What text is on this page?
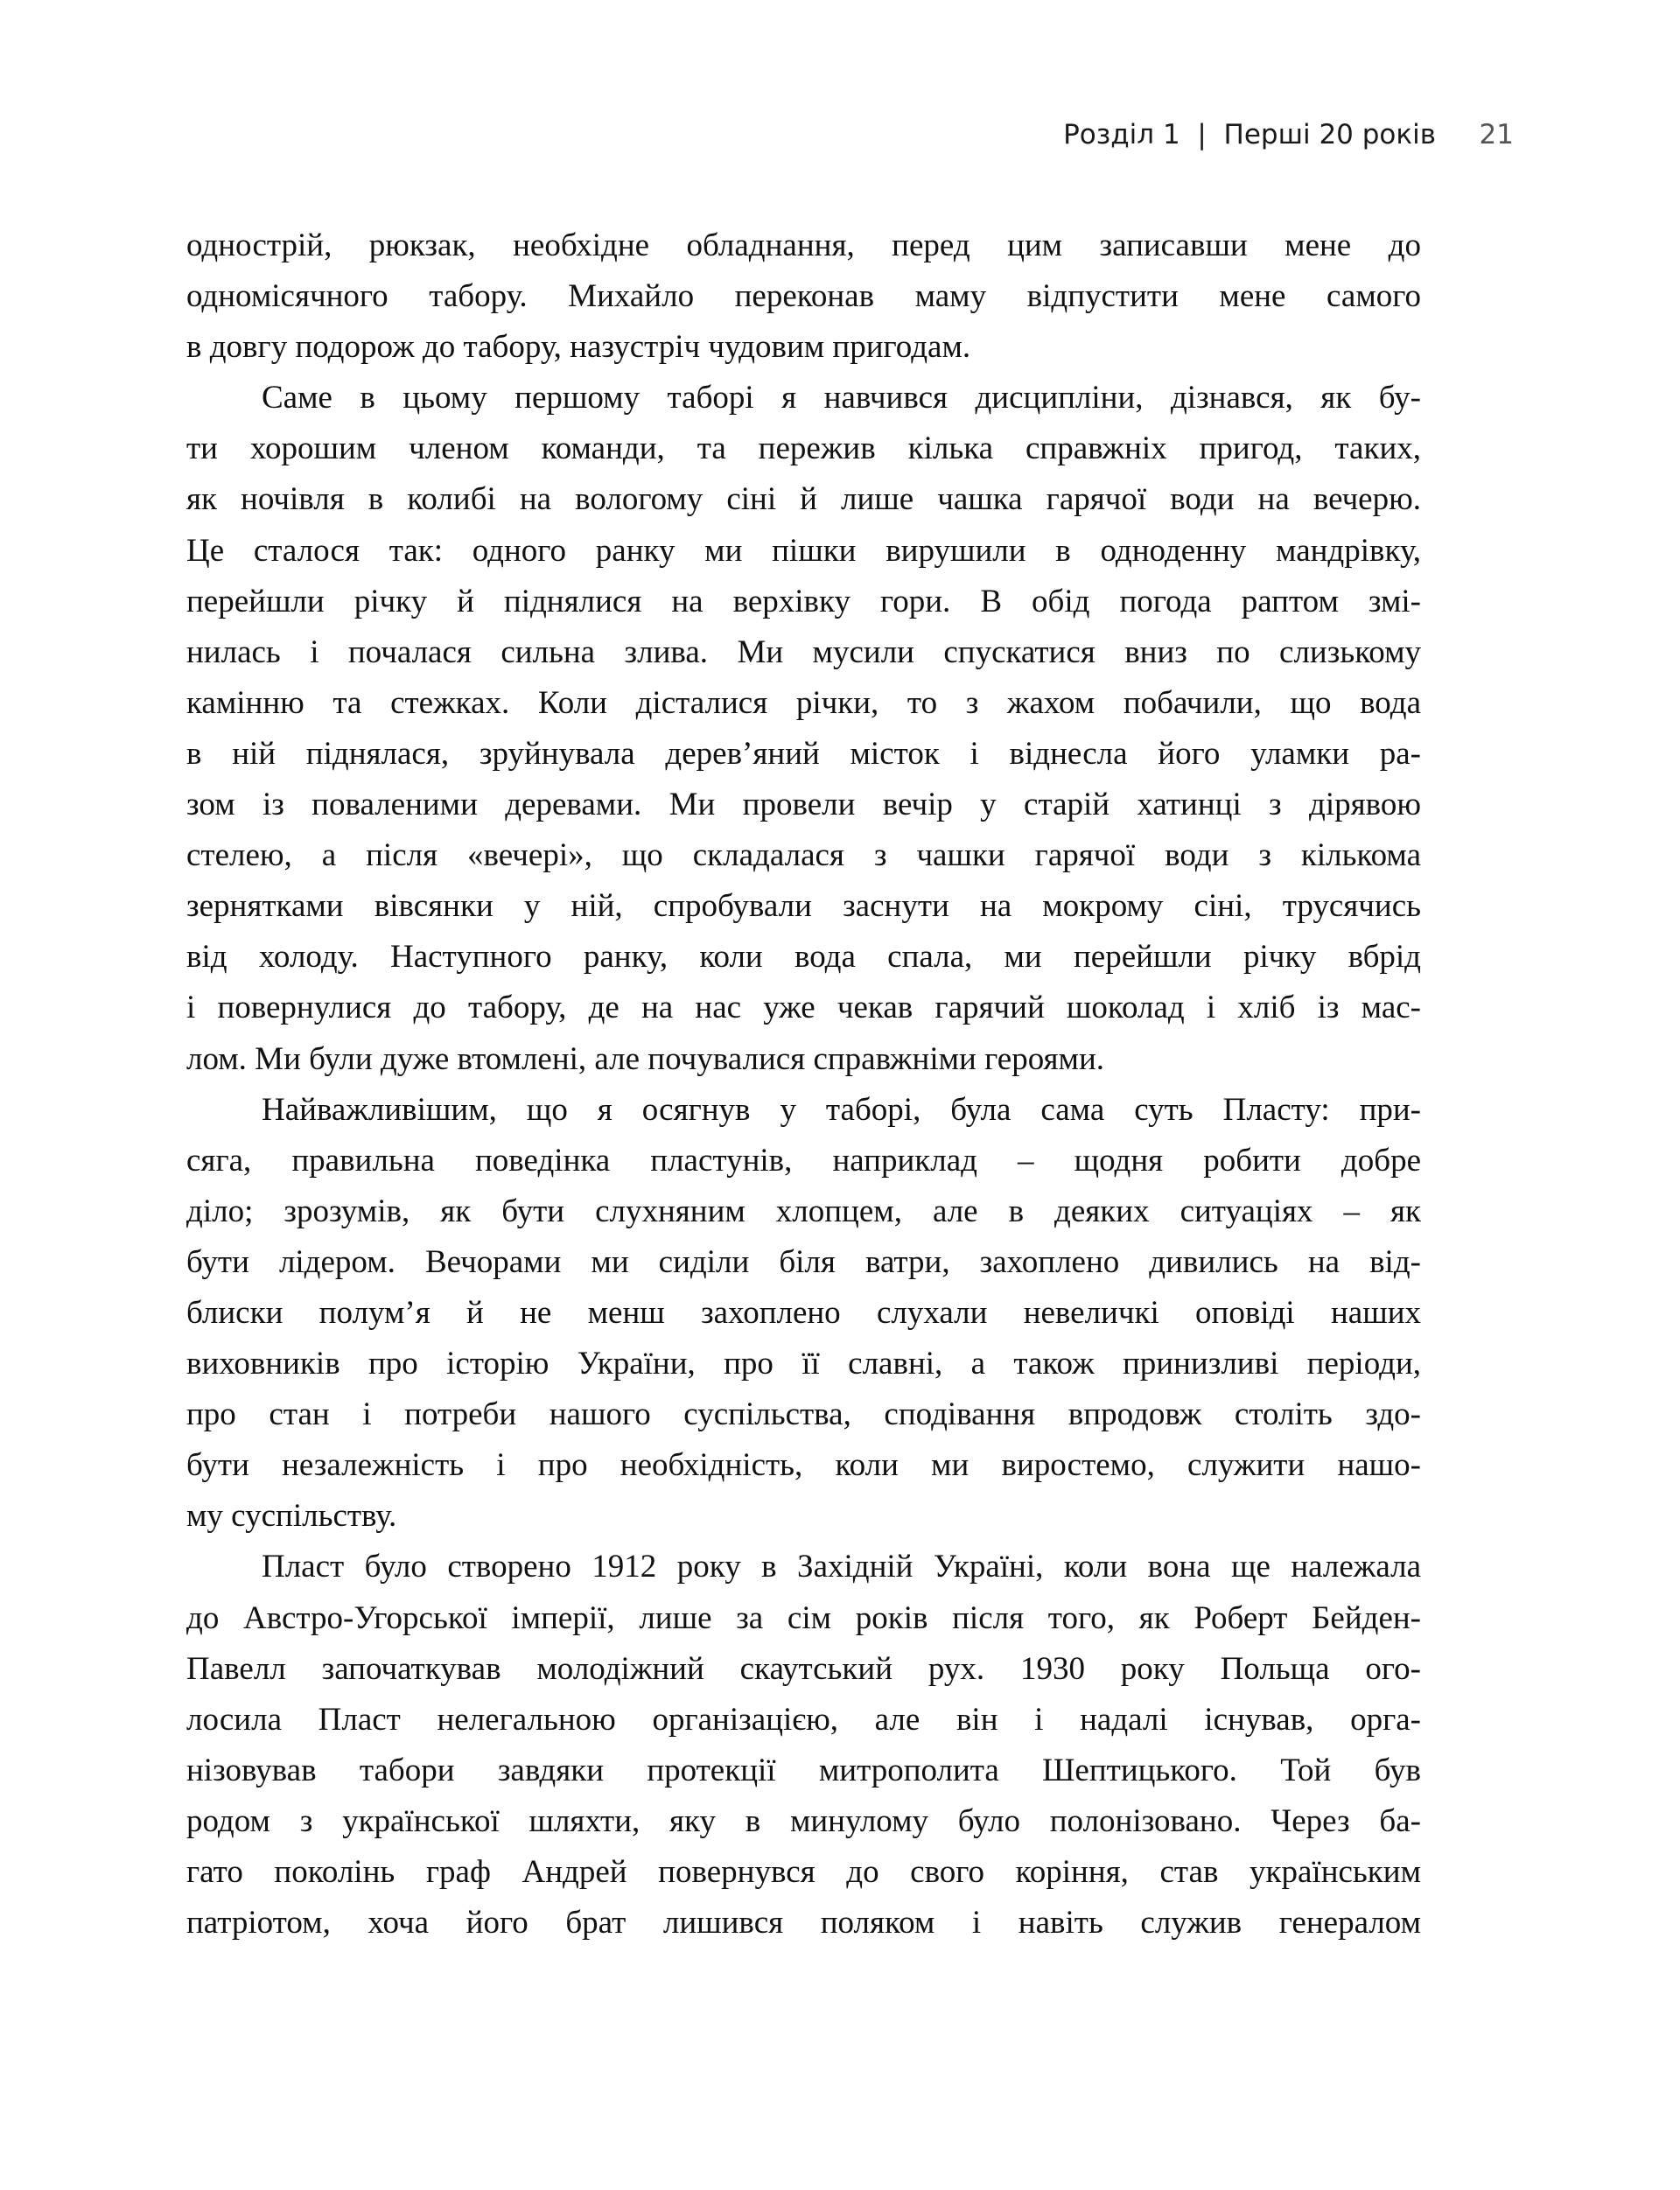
Розділ 1  |  Перші 20 років 21
однострій, рюкзак, необхідне обладнання, перед цим записавши мене до
одномісячного табору. Михайло переконав маму відпустити мене самого
в довгу подорож до табору, назустріч чудовим пригодам.
Саме в цьому першому таборі я навчився дисципліни, дізнався, як бу-
ти хорошим членом команди, та пережив кілька справжніх пригод, таких,
як ночівля в колибі на вологому сіні й лише чашка гарячої води на вечерю.
Це сталося так: одного ранку ми пішки вирушили в одноденну мандрівку,
перейшли річку й піднялися на верхівку гори. В обід погода раптом змі-
нилась і почалася сильна злива. Ми мусили спускатися вниз по слизькому
камінню та стежках. Коли дісталися річки, то з жахом побачили, що вода
в ній піднялася, зруйнувала дерев’яний місток і віднесла його уламки ра-
зом із поваленими деревами. Ми провели вечір у старій хатинці з дірявою
стелею, а після «вечері», що складалася з чашки гарячої води з кількома
зернятками вівсянки у ній, спробували заснути на мокрому сіні, трусячись
від холоду. Наступного ранку, коли вода спала, ми перейшли річку вбрід
і повернулися до табору, де на нас уже чекав гарячий шоколад і хліб із мас-
лом. Ми були дуже втомлені, але почувалися справжніми героями.
Найважливішим, що я осягнув у таборі, була сама суть Пласту: при-
сяга, правильна поведінка пластунів, наприклад – щодня робити добре
діло; зрозумів, як бути слухняним хлопцем, але в деяких ситуаціях – як
бути лідером. Вечорами ми сиділи біля ватри, захоплено дивились на від-
блиски полум’я й не менш захоплено слухали невеличкі оповіді наших
виховників про історію України, про її славні, а також принизливі періоди,
про стан і потреби нашого суспільства, сподівання впродовж століть здо-
бути незалежність і про необхідність, коли ми виростемо, служити нашо-
му суспільству.
Пласт було створено 1912 року в Західній Україні, коли вона ще належала
до Австро-Угорської імперії, лише за сім років після того, як Роберт Бейден-
Павелл започаткував молодіжний скаутський рух. 1930 року Польща ого-
лосила Пласт нелегальною організацією, але він і надалі існував, орга-
нізовував табори завдяки протекції митрополита Шептицького. Той був
родом з української шляхти, яку в минулому було полонізовано. Через ба-
гато поколінь граф Андрей повернувся до свого коріння, став українським
патріотом, хоча його брат лишився поляком і навіть служив генералом
